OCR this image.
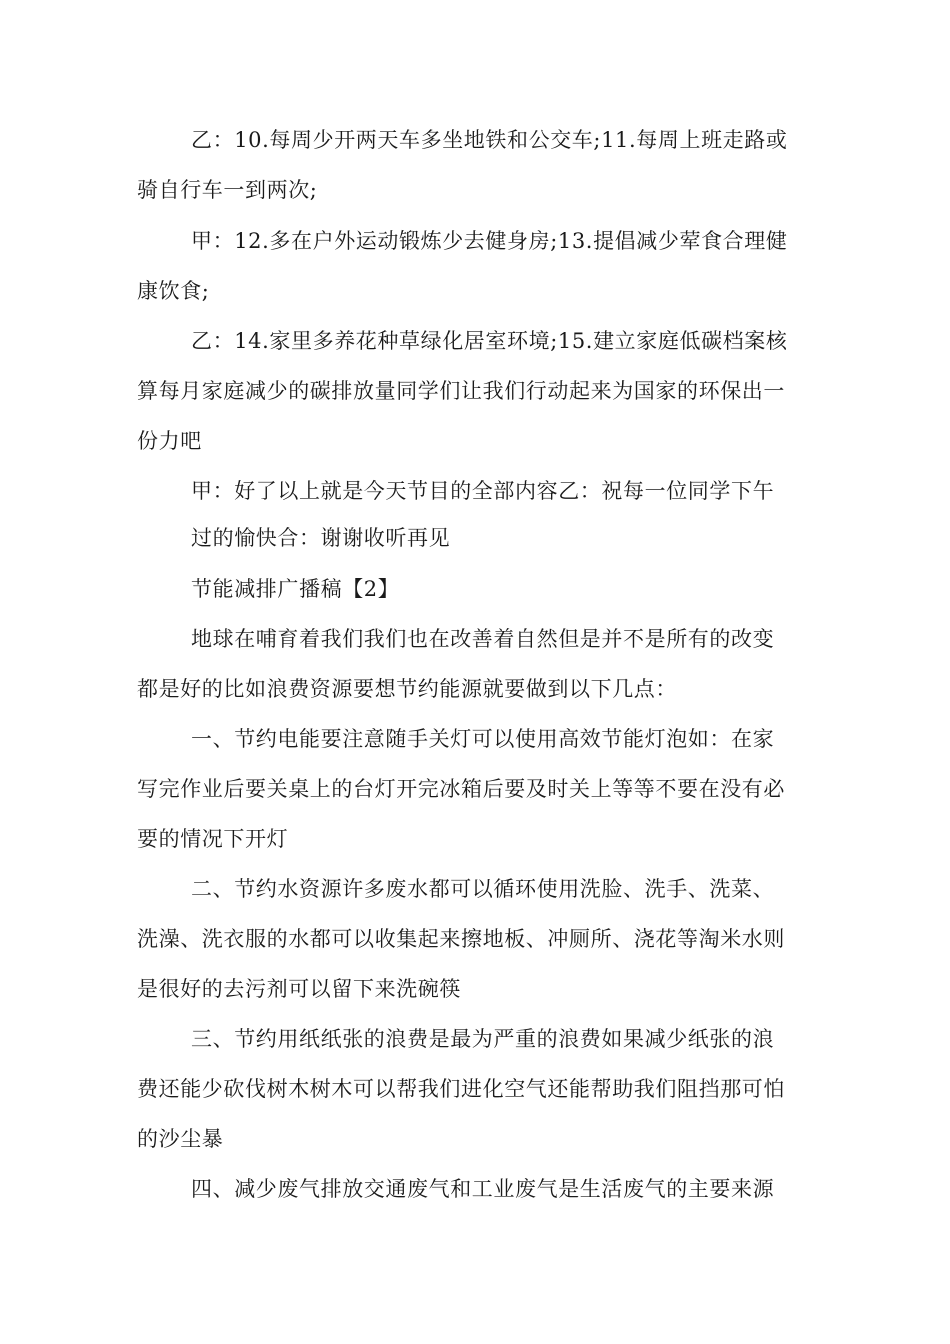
乙：10.每周少开两天车多坐地铁和公交车;11.每周上班走路或
骑自行车一到两次;
甲：12.多在户外运动锻炼少去健身房;13.提倡减少荤食合理健
康饮食;
乙：14.家里多养花种草绿化居室环境;15.建立家庭低碳档案核
算每月家庭减少的碳排放量同学们让我们行动起来为国家的环保出一
份力吧
甲：好了以上就是今天节目的全部内容乙：祝每一位同学下午
过的愉快合：谢谢收听再见
节能减排广播稿【2】
地球在哺育着我们我们也在改善着自然但是并不是所有的改变
都是好的比如浪费资源要想节约能源就要做到以下几点：
一、节约电能要注意随手关灯可以使用高效节能灯泡如：在家
写完作业后要关桌上的台灯开完冰箱后要及时关上等等不要在没有必
要的情况下开灯
二、节约水资源许多废水都可以循环使用洗脸、洗手、洗菜、
洗澡、洗衣服的水都可以收集起来擦地板、冲厕所、浇花等淘米水则
是很好的去污剂可以留下来洗碗筷
三、节约用纸纸张的浪费是最为严重的浪费如果减少纸张的浪
费还能少砍伐树木树木可以帮我们进化空气还能帮助我们阻挡那可怕
的沙尘暴
四、减少废气排放交通废气和工业废气是生活废气的主要来源
